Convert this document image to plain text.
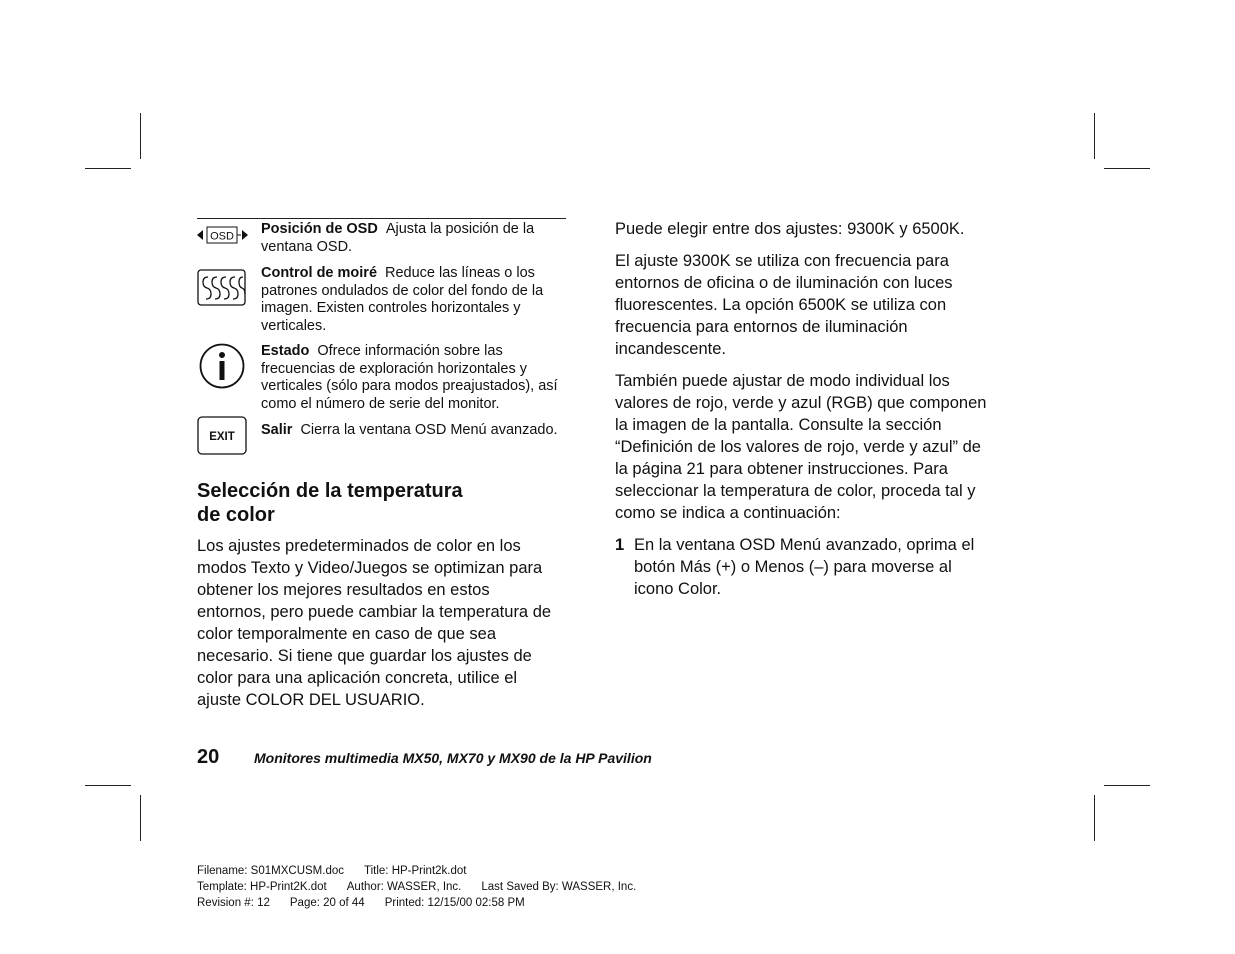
OSD Posición de OSD Ajusta la posición de la ventana OSD.
Control de moiré Reduce las líneas o los patrones ondulados de color del fondo de la imagen. Existen controles horizontales y verticales.
Estado Ofrece información sobre las frecuencias de exploración horizontales y verticales (sólo para modos preajustados), así como el número de serie del monitor.
EXIT Salir Cierra la ventana OSD Menú avanzado.
Selección de la temperatura
de color

Los ajustes predeterminados de color en los modos Texto y Video/Juegos se optimizan para obtener los mejores resultados en estos entornos, pero puede cambiar la temperatura de color temporalmente en caso de que sea necesario. Si tiene que guardar los ajustes de color para una aplicación concreta, utilice el ajuste COLOR DEL USUARIO.

Puede elegir entre dos ajustes: 9300K y 6500K.

El ajuste 9300K se utiliza con frecuencia para entornos de oficina o de iluminación con luces fluorescentes. La opción 6500K se utiliza con frecuencia para entornos de iluminación incandescente.

También puede ajustar de modo individual los valores de rojo, verde y azul (RGB) que componen la imagen de la pantalla. Consulte la sección “Definición de los valores de rojo, verde y azul” de la página 21 para obtener instrucciones. Para seleccionar la temperatura de color, proceda tal y como se indica a continuación:

1 En la ventana OSD Menú avanzado, oprima el botón Más (+) o Menos (–) para moverse al icono Color.
20 Monitores multimedia MX50, MX70 y MX90 de la HP Pavilion
Filename: S01MXCUSM.doc Title: HP-Print2k.dot
Template: HP-Print2K.dot Author: WASSER, Inc. Last Saved By: WASSER, Inc.
Revision #: 12 Page: 20 of 44 Printed: 12/15/00 02:58 PM
